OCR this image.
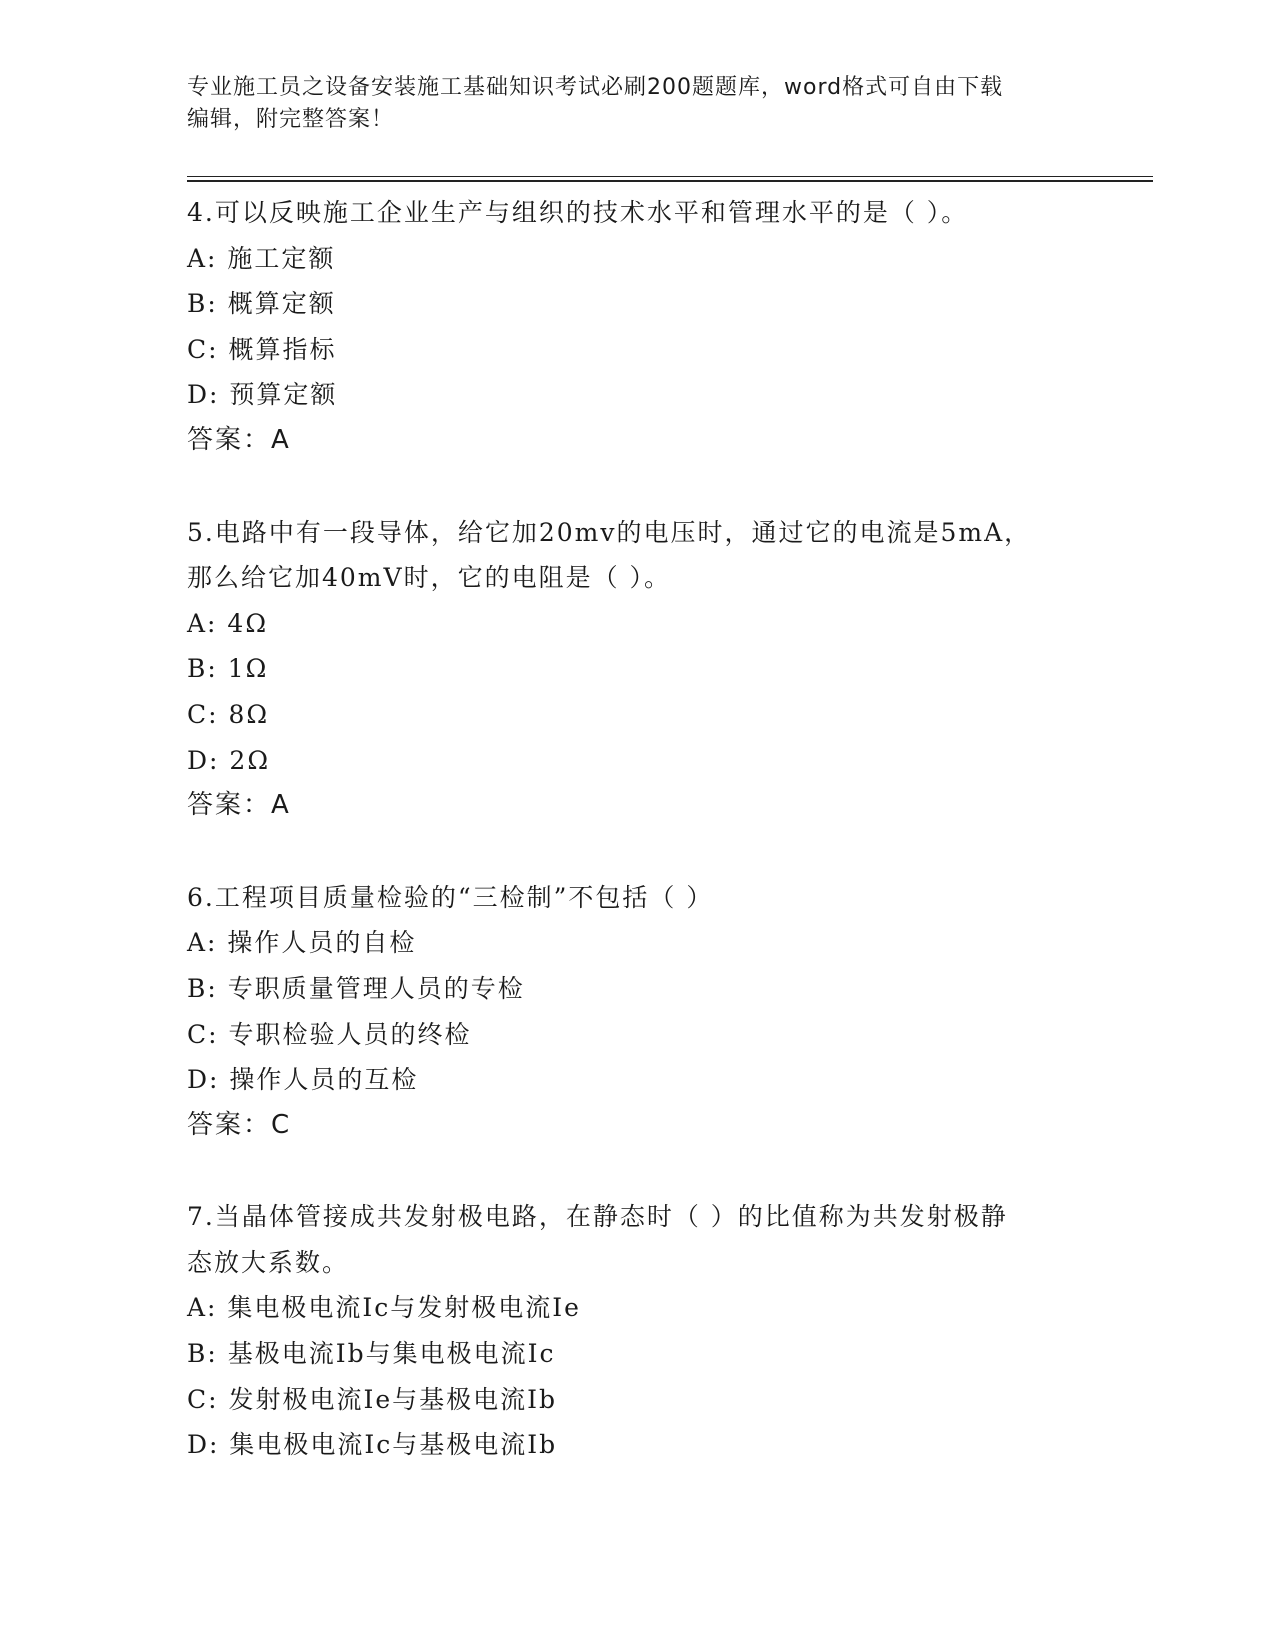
专业施工员之设备安装施工基础知识考试必刷200题题库，word格式可自由下载
编辑，附完整答案！
4.可以反映施工企业生产与组织的技术水平和管理水平的是（ ）。
A: 施工定额
B: 概算定额
C: 概算指标
D: 预算定额
答案：A
5.电路中有一段导体，给它加20mv的电压时，通过它的电流是5mA，
那么给它加40mV时，它的电阻是（ ）。
A: 4Ω
B: 1Ω
C: 8Ω
D: 2Ω
答案：A
6.工程项目质量检验的“三检制”不包括（ ）
A: 操作人员的自检
B: 专职质量管理人员的专检
C: 专职检验人员的终检
D: 操作人员的互检
答案：C
7.当晶体管接成共发射极电路，在静态时（ ）的比值称为共发射极静
态放大系数。
A: 集电极电流Ic与发射极电流Ie
B: 基极电流Ib与集电极电流Ic
C: 发射极电流Ie与基极电流Ib
D: 集电极电流Ic与基极电流Ib
